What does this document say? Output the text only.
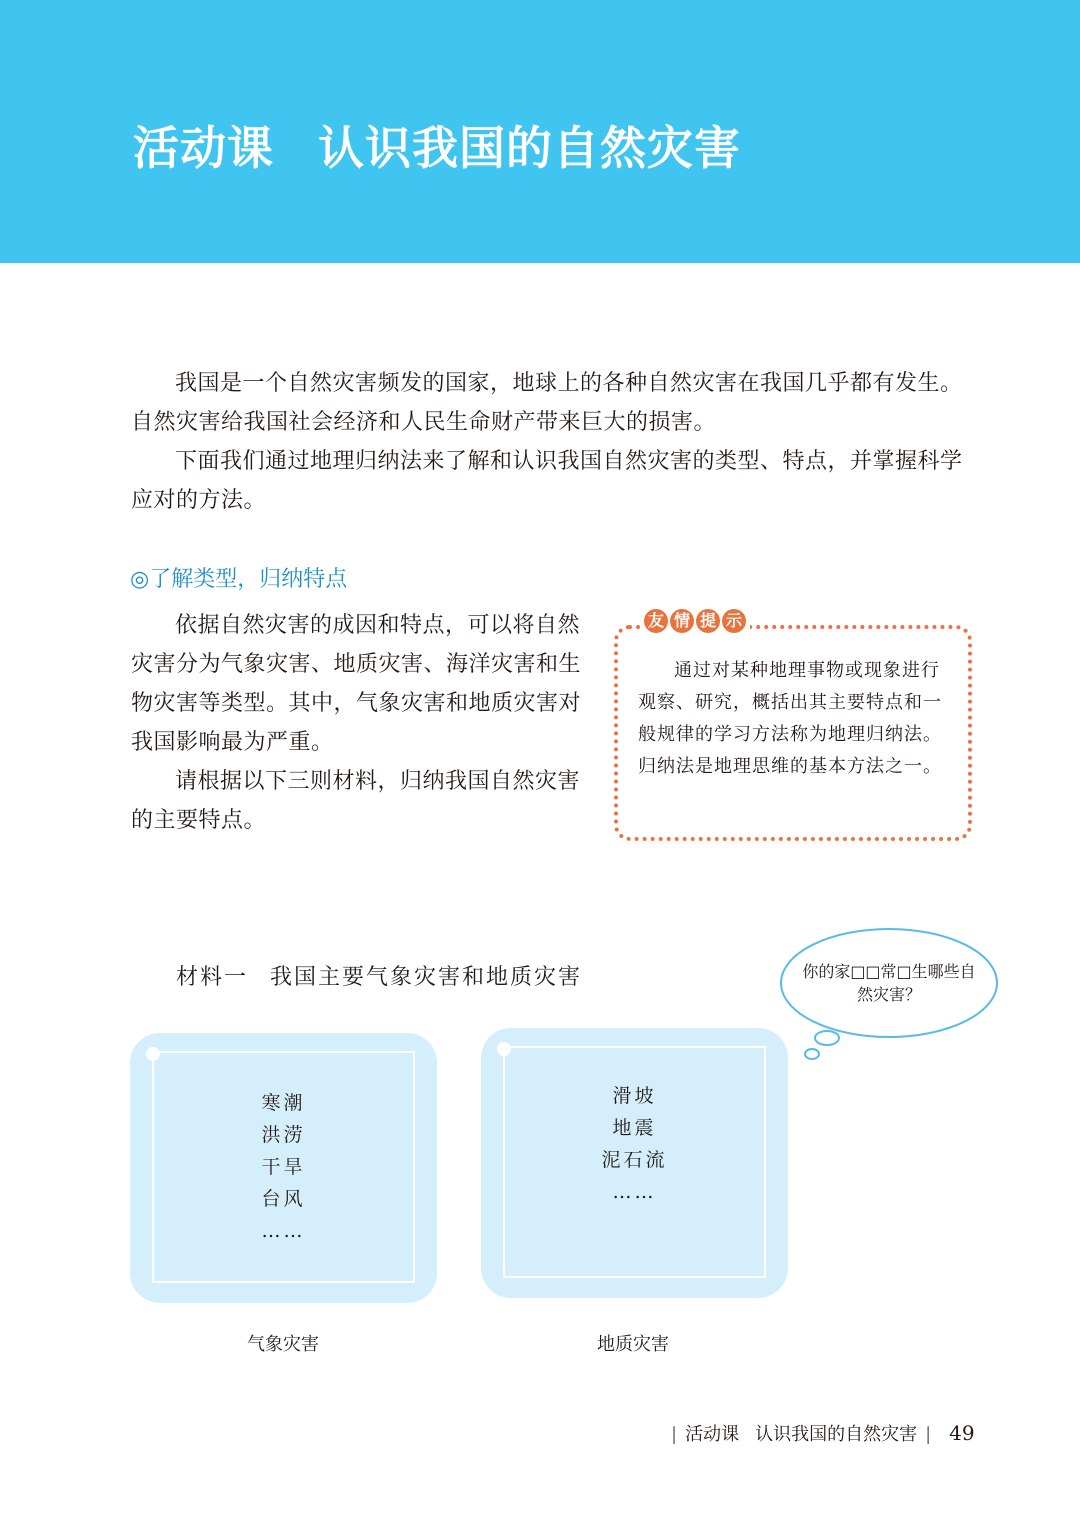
活动课 认识我国的自然灾害

我国是一个自然灾害频发的国家，地球上的各种自然灾害在我国几乎都有发生。自然灾害给我国社会经济和人民生命财产带来巨大的损害。

下面我们通过地理归纳法来了解和认识我国自然灾害的类型、特点，并掌握科学应对的方法。

◎了解类型，归纳特点

依据自然灾害的成因和特点，可以将自然灾害分为气象灾害、地质灾害、海洋灾害和生物灾害等类型。其中，气象灾害和地质灾害对我国影响最为严重。

请根据以下三则材料，归纳我国自然灾害的主要特点。

友 情 提 示

通过对某种地理事物或现象进行观察、研究，概括出其主要特点和一般规律的学习方法称为地理归纳法。归纳法是地理思维的基本方法之一。

材料一 我国主要气象灾害和地质灾害	你的家□□常□生哪些自然灾害？
寒潮
洪涝
干旱
台风
……
滑坡
地震
泥石流
……
气象灾害	地质灾害
| 活动课 认识我国的自然灾害 | 49
